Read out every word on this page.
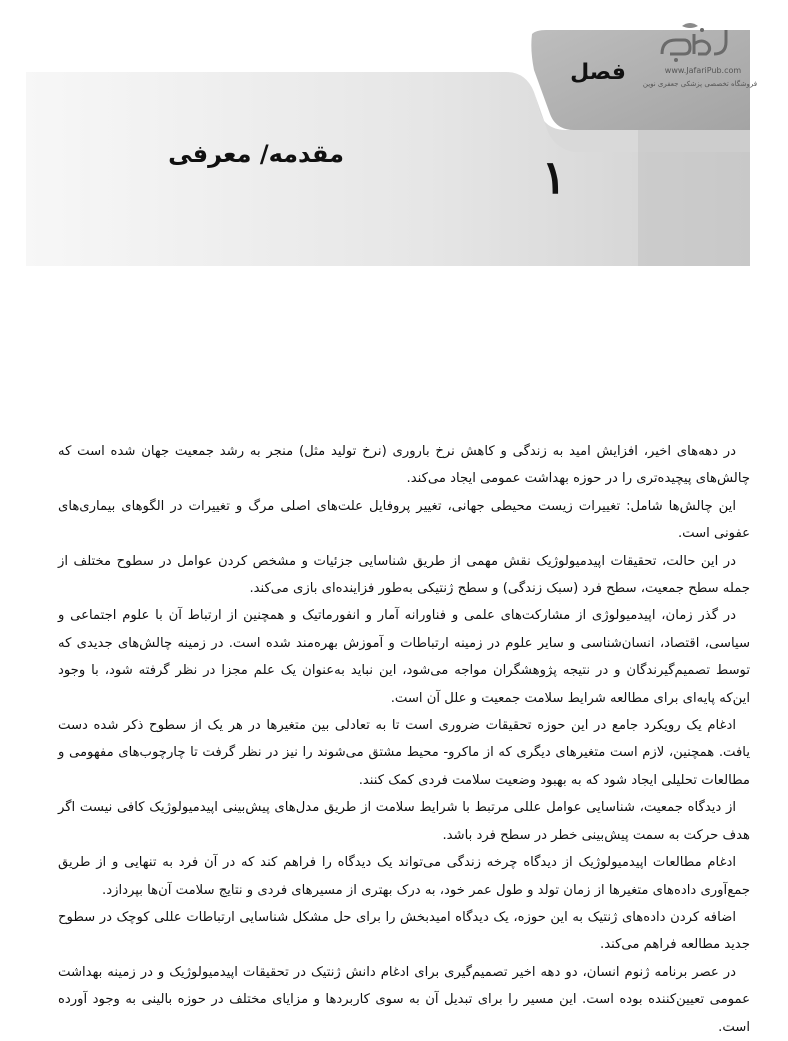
فصل
۱
مقدمه/ معرفی
www.JafariPub.com
فروشگاه تخصصی پزشکی جعفری نوین

در دهه‌های اخیر، افزایش امید به زندگی و کاهش نرخ باروری (نرخ تولید مثل) منجر به رشد جمعیت جهان شده است که چالش‌های پیچیده‌تری را در حوزه بهداشت عمومی ایجاد می‌کند.

این چالش‌ها شامل: تغییرات زیست محیطی جهانی، تغییر پروفایل علت‌های اصلی مرگ و تغییرات در الگوهای بیماری‌های عفونی است.

در این حالت، تحقیقات اپیدمیولوژیک نقش مهمی از طریق شناسایی جزئیات و مشخص کردن عوامل در سطوح مختلف از جمله سطح جمعیت، سطح فرد (سبک زندگی) و سطح ژنتیکی به‌طور فزاینده‌ای بازی می‌کند.

در گذر زمان، اپیدمیولوژی از مشارکت‌های علمی و فناورانه آمار و انفورماتیک و همچنین از ارتباط آن با علوم اجتماعی و سیاسی، اقتصاد، انسان‌شناسی و سایر علوم در زمینه ارتباطات و آموزش بهره‌مند شده است. در زمینه چالش‌های جدیدی که توسط تصمیم‌گیرندگان و در نتیجه پژوهشگران مواجه می‌شود، این نباید به‌عنوان یک علم مجزا در نظر گرفته شود، با وجود این‌که پایه‌ای برای مطالعه شرایط سلامت جمعیت و علل آن است.

ادغام یک رویکرد جامع در این حوزه تحقیقات ضروری است تا به تعادلی بین متغیرها در هر یک از سطوح ذکر شده دست یافت. همچنین، لازم است متغیرهای دیگری که از ماکرو- محیط مشتق می‌شوند را نیز در نظر گرفت تا چارچوب‌های مفهومی و مطالعات تحلیلی ایجاد شود که به بهبود وضعیت سلامت فردی کمک کنند.

از دیدگاه جمعیت، شناسایی عوامل عللی مرتبط با شرایط سلامت از طریق مدل‌های پیش‌بینی اپیدمیولوژیک کافی نیست اگر هدف حرکت به سمت پیش‌بینی خطر در سطح فرد باشد.

ادغام مطالعات اپیدمیولوژیک از دیدگاه چرخه زندگی می‌تواند یک دیدگاه را فراهم کند که در آن فرد به تنهایی و از طریق جمع‌آوری داده‌های متغیرها از زمان تولد و طول عمر خود، به درک بهتری از مسیرهای فردی و نتایج سلامت آن‌ها بپردازد.

اضافه کردن داده‌های ژنتیک به این حوزه، یک دیدگاه امیدبخش را برای حل مشکل شناسایی ارتباطات عللی کوچک در سطوح جدید مطالعه فراهم می‌کند.

در عصر برنامه ژنوم انسان، دو دهه اخیر تصمیم‌گیری برای ادغام دانش ژنتیک در تحقیقات اپیدمیولوژیک و در زمینه بهداشت عمومی تعیین‌کننده بوده است. این مسیر را برای تبدیل آن به سوی کاربردها و مزایای مختلف در حوزه بالینی به وجود آورده است.
